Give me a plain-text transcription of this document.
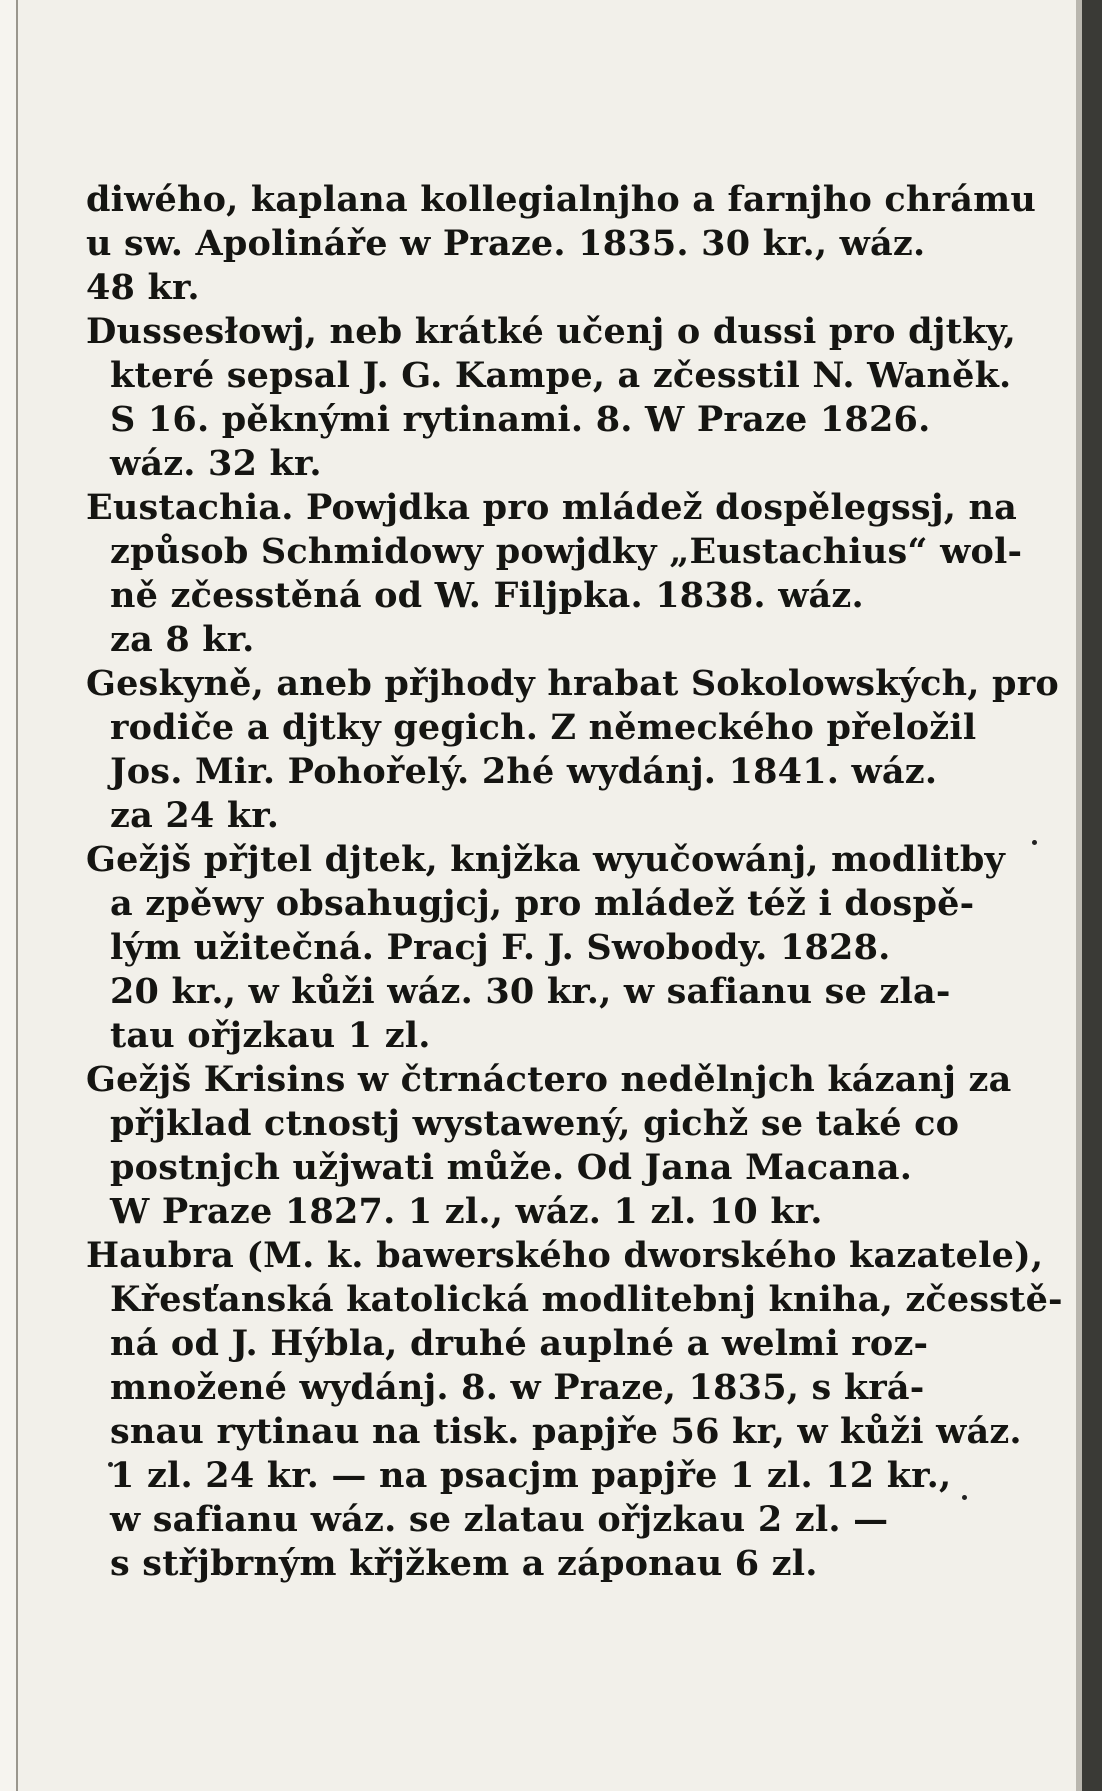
diwého, kaplana kollegialnjho a farnjho chrámu
u sw. Apolináře w Praze. 1835. 30 kr., wáz.
48 kr.
Dussesłowj, neb krátké učenj o dussi pro djtky,
které sepsal J. G. Kampe, a zčesstil N. Waněk.
S 16. pěknými rytinami. 8. W Praze 1826.
wáz. 32 kr.
Eustachia. Powjdka pro mládež dospělegssj, na
způsob Schmidowy powjdky „Eustachius“ wol-
ně zčesstěná od W. Filjpka. 1838. wáz.
za 8 kr.
Geskyně, aneb přjhody hrabat Sokolowských, pro
rodiče a djtky gegich. Z německého přeložil
Jos. Mir. Pohořelý. 2hé wydánj. 1841. wáz.
za 24 kr.
Gežjš přjtel djtek, knjžka wyučowánj, modlitby
a zpěwy obsahugjcj, pro mládež též i dospě-
lým užitečná. Pracj F. J. Swobody. 1828.
20 kr., w kůži wáz. 30 kr., w safianu se zla-
tau ořjzkau 1 zl.
Gežjš Krisins w čtrnáctero nedělnjch kázanj za
přjklad ctnostj wystawený, gichž se také co
postnjch užjwati může. Od Jana Macana.
W Praze 1827. 1 zl., wáz. 1 zl. 10 kr.
Haubra (M. k. bawerského dworského kazatele),
Křesťanská katolická modlitebnj kniha, zčesstě-
ná od J. Hýbla, druhé auplné a welmi roz-
množené wydánj. 8. w Praze, 1835, s krá-
snau rytinau na tisk. papjře 56 kr, w kůži wáz.
1 zl. 24 kr. — na psacjm papjře 1 zl. 12 kr.,
w safianu wáz. se zlatau ořjzkau 2 zl. —
s střjbrným křjžkem a záponau 6 zl.
